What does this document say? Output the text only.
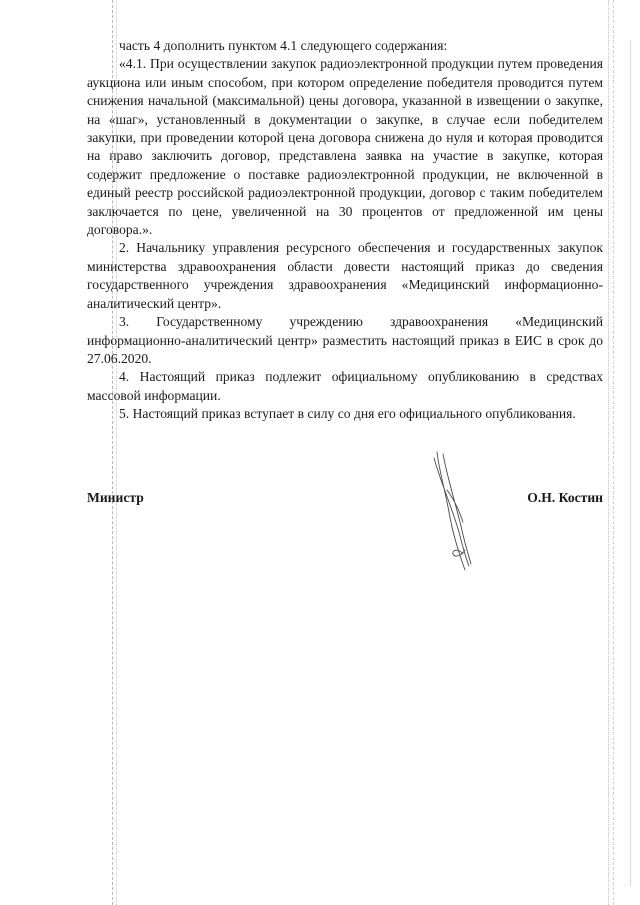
часть 4 дополнить пунктом 4.1 следующего содержания:

«4.1. При осуществлении закупок радиоэлектронной продукции путем проведения аукциона или иным способом, при котором определение победителя проводится путем снижения начальной (максимальной) цены договора, указанной в извещении о закупке, на «шаг», установленный в документации о закупке, в случае если победителем закупки, при проведении которой цена договора снижена до нуля и которая проводится на право заключить договор, представлена заявка на участие в закупке, которая содержит предложение о поставке радиоэлектронной продукции, не включенной в единый реестр российской радиоэлектронной продукции, договор с таким победителем заключается по цене, увеличенной на 30 процентов от предложенной им цены договора.».

2. Начальнику управления ресурсного обеспечения и государственных закупок министерства здравоохранения области довести настоящий приказ до сведения государственного учреждения здравоохранения «Медицинский информационно-аналитический центр».

3. Государственному учреждению здравоохранения «Медицинский информационно-аналитический центр» разместить настоящий приказ в ЕИС в срок до 27.06.2020.

4. Настоящий приказ подлежит официальному опубликованию в средствах массовой информации.

5. Настоящий приказ вступает в силу со дня его официального опубликования.

Министр	О.Н. Костин
